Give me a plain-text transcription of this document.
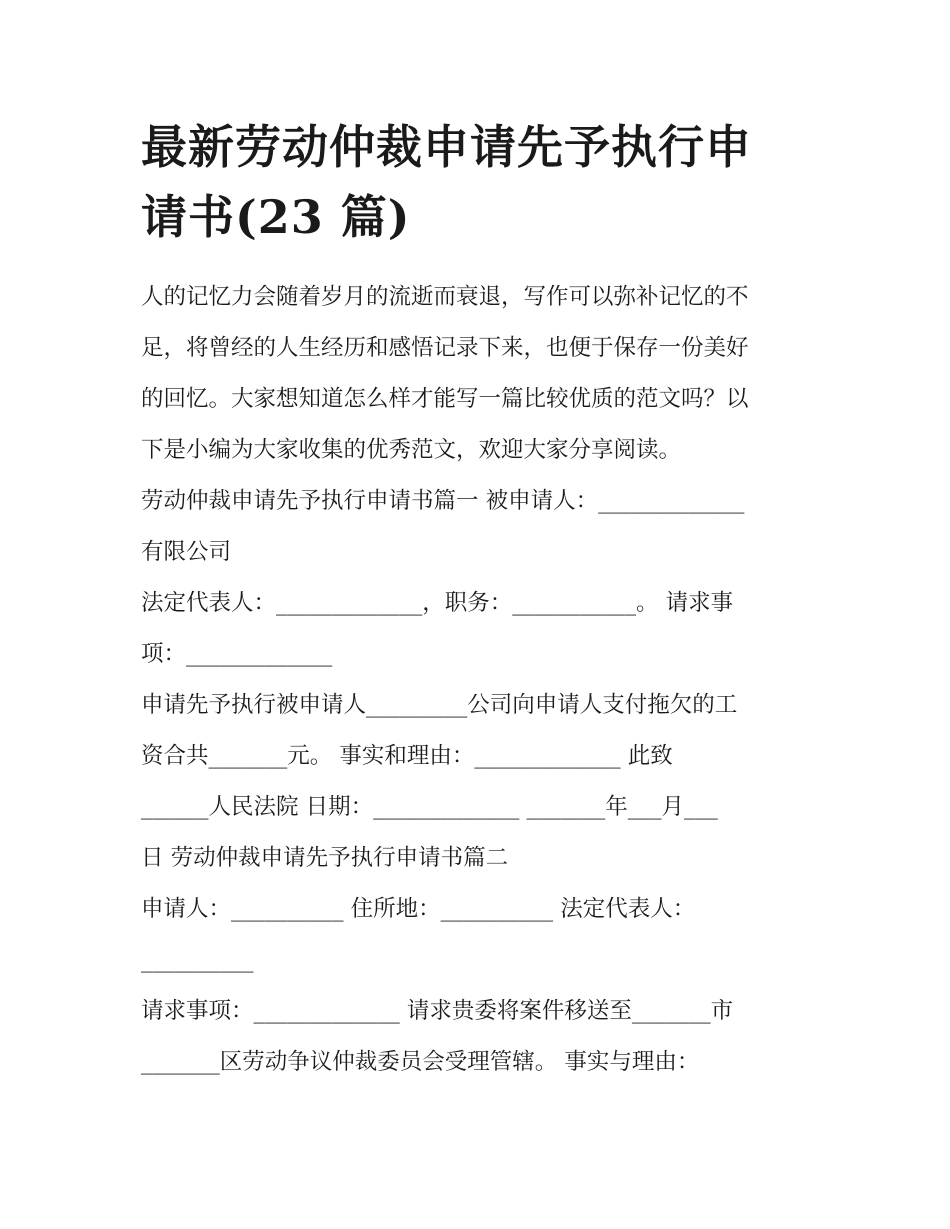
最新劳动仲裁申请先予执行申
请书(23 篇)
人的记忆力会随着岁月的流逝而衰退，写作可以弥补记忆的不
足，将曾经的人生经历和感悟记录下来，也便于保存一份美好
的回忆。大家想知道怎么样才能写一篇比较优质的范文吗？以
下是小编为大家收集的优秀范文，欢迎大家分享阅读。
劳动仲裁申请先予执行申请书篇一 被申请人：_____________
有限公司
法定代表人：_____________，职务：___________。 请求事
项：_____________
申请先予执行被申请人_________公司向申请人支付拖欠的工
资合共_______元。 事实和理由：_____________ 此致
______人民法院 日期：_____________ _______年___月___
日 劳动仲裁申请先予执行申请书篇二
申请人：__________ 住所地：__________ 法定代表人：
__________
请求事项：_____________ 请求贵委将案件移送至_______市
_______区劳动争议仲裁委员会受理管辖。 事实与理由：
